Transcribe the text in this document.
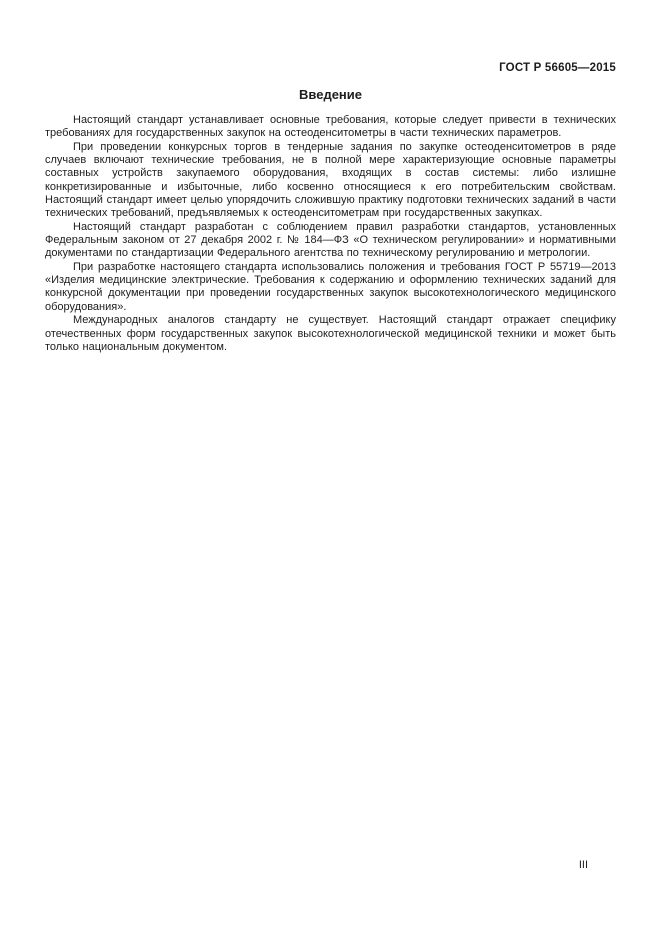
ГОСТ Р 56605—2015
Введение

Настоящий стандарт устанавливает основные требования, которые следует привести в технических требованиях для государственных закупок на остеоденситометры в части технических параметров.

При проведении конкурсных торгов в тендерные задания по закупке остеоденситометров в ряде случаев включают технические требования, не в полной мере характеризующие основные параметры составных устройств закупаемого оборудования, входящих в состав системы: либо излишне конкретизированные и избыточные, либо косвенно относящиеся к его потребительским свойствам. Настоящий стандарт имеет целью упорядочить сложившую практику подготовки технических заданий в части технических требований, предъявляемых к остеоденситометрам при государственных закупках.

Настоящий стандарт разработан с соблюдением правил разработки стандартов, установленных Федеральным законом от 27 декабря 2002 г. № 184—ФЗ «О техническом регулировании» и нормативными документами по стандартизации Федерального агентства по техническому регулированию и метрологии.

При разработке настоящего стандарта использовались положения и требования ГОСТ Р 55719—2013 «Изделия медицинские электрические. Требования к содержанию и оформлению технических заданий для конкурсной документации при проведении государственных закупок высокотехнологического медицинского оборудования».

Международных аналогов стандарту не существует. Настоящий стандарт отражает специфику отечественных форм государственных закупок высокотехнологической медицинской техники и может быть только национальным документом.

III
